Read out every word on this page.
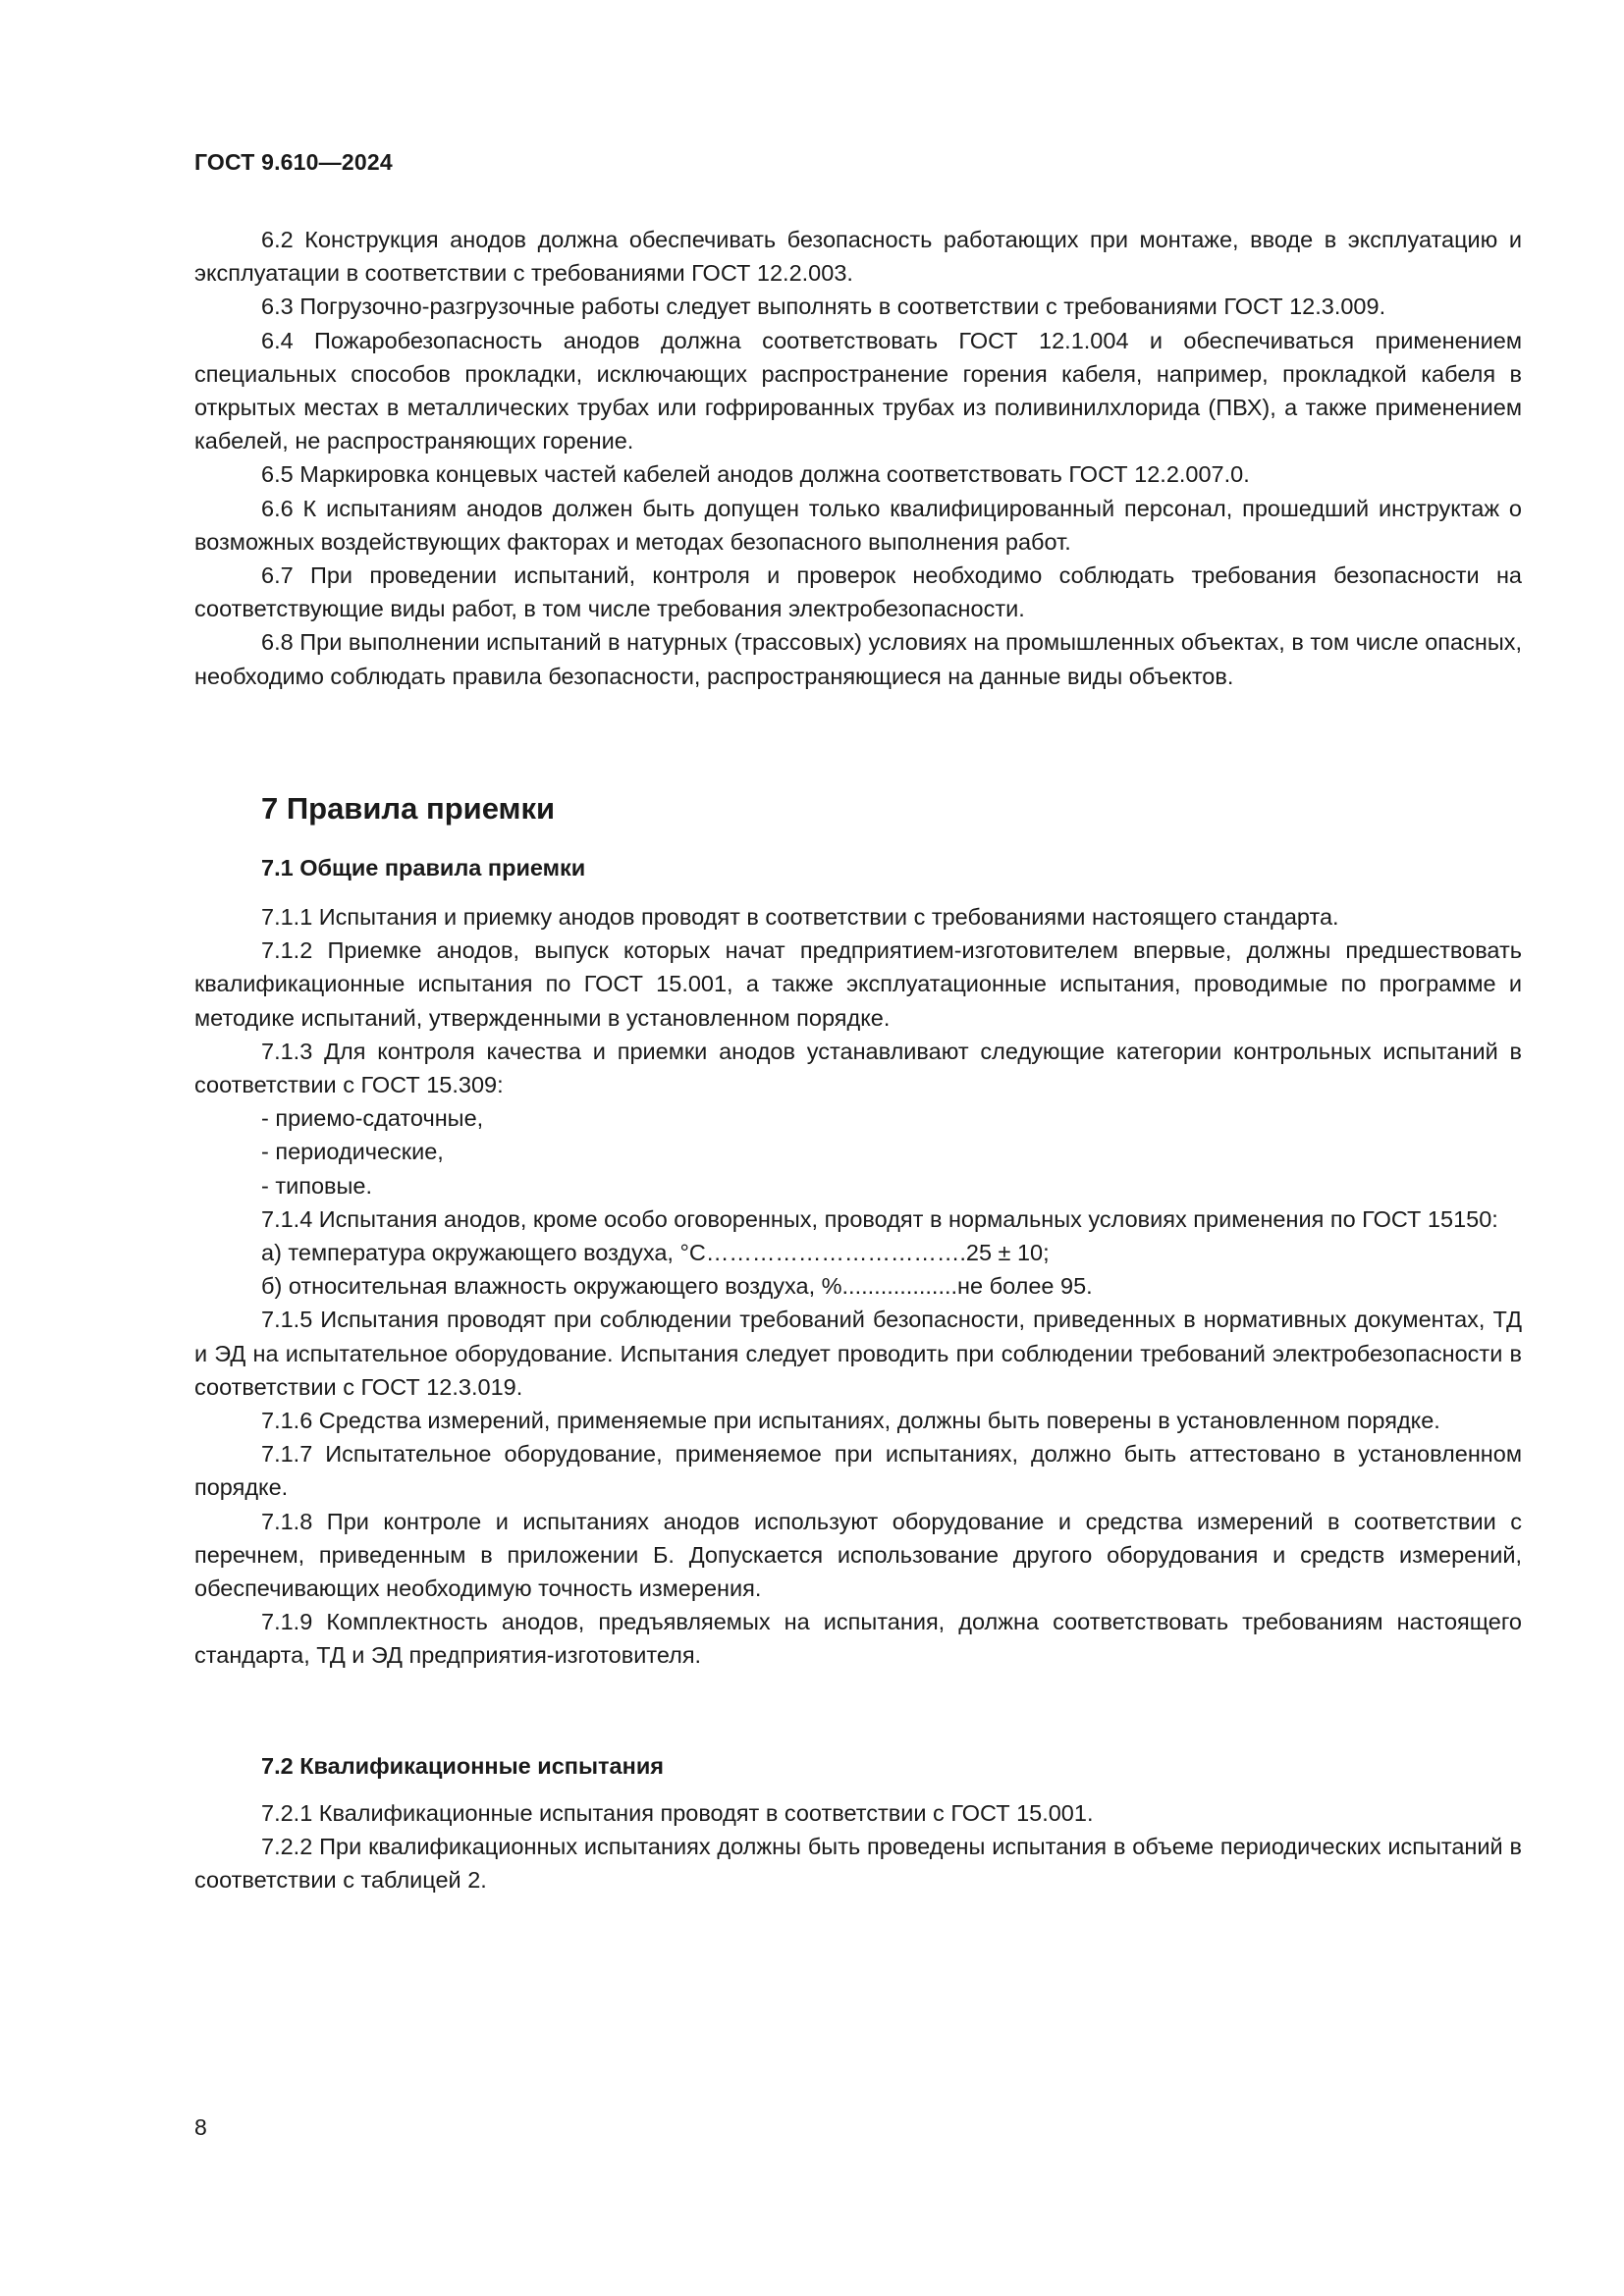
ГОСТ 9.610—2024

6.2 Конструкция анодов должна обеспечивать безопасность работающих при монтаже, вводе в эксплуатацию и эксплуатации в соответствии с требованиями ГОСТ 12.2.003.

6.3 Погрузочно-разгрузочные работы следует выполнять в соответствии с требованиями ГОСТ 12.3.009.

6.4 Пожаробезопасность анодов должна соответствовать ГОСТ 12.1.004 и обеспечиваться применением специальных способов прокладки, исключающих распространение горения кабеля, например, прокладкой кабеля в открытых местах в металлических трубах или гофрированных трубах из поливинилхлорида (ПВХ), а также применением кабелей, не распространяющих горение.

6.5 Маркировка концевых частей кабелей анодов должна соответствовать ГОСТ 12.2.007.0.

6.6 К испытаниям анодов должен быть допущен только квалифицированный персонал, прошедший инструктаж о возможных воздействующих факторах и методах безопасного выполнения работ.

6.7 При проведении испытаний, контроля и проверок необходимо соблюдать требования безопасности на соответствующие виды работ, в том числе требования электробезопасности.

6.8 При выполнении испытаний в натурных (трассовых) условиях на промышленных объектах, в том числе опасных, необходимо соблюдать правила безопасности, распространяющиеся на данные виды объектов.

7 Правила приемки
7.1 Общие правила приемки

7.1.1 Испытания и приемку анодов проводят в соответствии с требованиями настоящего стандарта.

7.1.2 Приемке анодов, выпуск которых начат предприятием-изготовителем впервые, должны предшествовать квалификационные испытания по ГОСТ 15.001, а также эксплуатационные испытания, проводимые по программе и методике испытаний, утвержденными в установленном порядке.

7.1.3 Для контроля качества и приемки анодов устанавливают следующие категории контрольных испытаний в соответствии с ГОСТ 15.309:

- приемо-сдаточные,

- периодические,

- типовые.

7.1.4 Испытания анодов, кроме особо оговоренных, проводят в нормальных условиях применения по ГОСТ 15150:

а) температура окружающего воздуха, °С…………………………….25 ± 10;

б) относительная влажность окружающего воздуха, %..................не более 95.

7.1.5 Испытания проводят при соблюдении требований безопасности, приведенных в нормативных документах, ТД и ЭД на испытательное оборудование. Испытания следует проводить при соблюдении требований электробезопасности в соответствии с ГОСТ 12.3.019.

7.1.6 Средства измерений, применяемые при испытаниях, должны быть поверены в установленном порядке.

7.1.7 Испытательное оборудование, применяемое при испытаниях, должно быть аттестовано в установленном порядке.

7.1.8 При контроле и испытаниях анодов используют оборудование и средства измерений в соответствии с перечнем, приведенным в приложении Б. Допускается использование другого оборудования и средств измерений, обеспечивающих необходимую точность измерения.

7.1.9 Комплектность анодов, предъявляемых на испытания, должна соответствовать требованиям настоящего стандарта, ТД и ЭД предприятия-изготовителя.

7.2 Квалификационные испытания

7.2.1 Квалификационные испытания проводят в соответствии с ГОСТ 15.001.

7.2.2 При квалификационных испытаниях должны быть проведены испытания в объеме периодических испытаний в соответствии с таблицей 2.

8
